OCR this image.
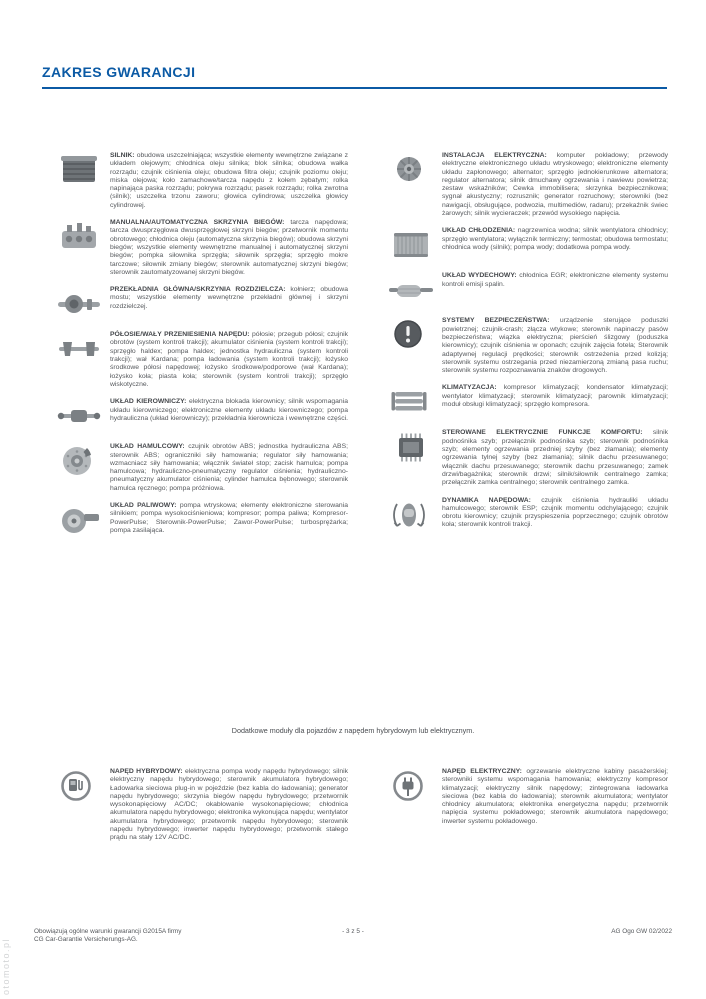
ZAKRES GWARANCJI

SILNIK: obudowa uszczelniająca; wszystkie elementy wewnętrzne związane z układem olejowym; chłodnica oleju silnika; blok silnika; obudowa wałka rozrządu; czujnik ciśnienia oleju; obudowa filtra oleju; czujnik poziomu oleju; miska olejowa; koło zamachowe/tarcza napędu z kołem zębatym; rolka napinająca paska rozrządu; pokrywa rozrządu; pasek rozrządu; rolka zwrotna (silnik); uszczelka trzonu zaworu; głowica cylindrowa; uszczelka głowicy cylindrowej.

MANUALNA/AUTOMATYCZNA SKRZYNIA BIEGÓW: tarcza napędowa; tarcza dwusprzęgłowa dwusprzęgłowej skrzyni biegów; przetwornik momentu obrotowego; chłodnica oleju (automatyczna skrzynia biegów); obudowa skrzyni biegów; wszystkie elementy wewnętrzne manualnej i automatycznej skrzyni biegów; pompka siłownika sprzęgła; siłownik sprzęgła; sprzęgło mokre tarczowe; siłownik zmiany biegów; sterownik automatycznej skrzyni biegów; sterownik zautomatyzowanej skrzyni biegów.

PRZEKŁADNIA GŁÓWNA/SKRZYNIA ROZDZIELCZA: kołnierz; obudowa mostu; wszystkie elementy wewnętrzne przekładni głównej i skrzyni rozdzielczej.

PÓŁOSIE/WAŁY PRZENIESIENIA NAPĘDU: półosie; przegub półosi; czujnik obrotów (system kontroli trakcji); akumulator ciśnienia (system kontroli trakcji); sprzęgło haldex; pompa haldex; jednostka hydrauliczna (system kontroli trakcji); wał Kardana; pompa ładowania (system kontroli trakcji); łożysko środkowe półosi napędowej; łożysko środkowe/podporowe (wał Kardana); łożysko koła; piasta koła; sterownik (system kontroli trakcji); sprzęgło wiskotyczne.

UKŁAD KIEROWNICZY: elektryczna blokada kierownicy; silnik wspomagania układu kierowniczego; elektroniczne elementy układu kierowniczego; pompa hydrauliczna (układ kierowniczy); przekładnia kierownicza i wewnętrzne części.

UKŁAD HAMULCOWY: czujnik obrotów ABS; jednostka hydrauliczna ABS; sterownik ABS; ograniczniki siły hamowania; regulator siły hamowania; wzmacniacz siły hamowania; włącznik świateł stop; zacisk hamulca; pompa hamulcowa; hydrauliczno-pneumatyczny regulator ciśnienia; hydrauliczno-pneumatyczny akumulator ciśnienia; cylinder hamulca bębnowego; sterownik hamulca ręcznego; pompa próżniowa.

UKŁAD PALIWOWY: pompa wtryskowa; elementy elektroniczne sterowania silnikiem; pompa wysokociśnieniowa; kompresor; pompa paliwa; Kompresor-PowerPulse; Sterownik-PowerPulse; Zawor-PowerPulse; turbosprężarka; pompa zasilająca.

INSTALACJA ELEKTRYCZNA: komputer pokładowy; przewody elektryczne elektronicznego układu wtryskowego; elektroniczne elementy układu zapłonowego; alternator; sprzęgło jednokierunkowe alternatora; regulator alternatora; silnik dmuchawy ogrzewania i nawiewu powietrza; zestaw wskaźników; Cewka immobilisera; skrzynka bezpiecznikowa; sygnał akustyczny; rozrusznik; generator rozruchowy; sterowniki (bez nawigacji, obsługujące, podwozia, multimediów, radaru); przekaźnik świec żarowych; silnik wycieraczek; przewód wysokiego napięcia.

UKŁAD CHŁODZENIA: nagrzewnica wodna; silnik wentylatora chłodnicy; sprzęgło wentylatora; wyłącznik termiczny; termostat; obudowa termostatu; chłodnica wody (silnik); pompa wody; dodatkowa pompa wody.

UKŁAD WYDECHOWY: chłodnica EGR; elektroniczne elementy systemu kontroli emisji spalin.

SYSTEMY BEZPIECZEŃSTWA: urządzenie sterujące poduszki powietrznej; czujnik-crash; złącza wtykowe; sterownik napinaczy pasów bezpieczeństwa; wiązka elektryczna; pierścień ślizgowy (poduszka kierownicy); czujnik ciśnienia w oponach; czujnik zajęcia fotela; Sterownik adaptywnej regulacji prędkości; sterownik ostrzeżenia przed kolizją; sterownik systemu ostrzegania przed niezamierzoną zmianą pasa ruchu; sterownik systemu rozpoznawania znaków drogowych.

KLIMATYZACJA: kompresor klimatyzacji; kondensator klimatyzacji; wentylator klimatyzacji; sterownik klimatyzacji; parownik klimatyzacji; moduł obsługi klimatyzacji; sprzęgło kompresora.

STEROWANE ELEKTRYCZNIE FUNKCJE KOMFORTU: silnik podnośnika szyb; przełącznik podnośnika szyb; sterownik podnośnika szyb; elementy ogrzewania przedniej szyby (bez złamania); elementy ogrzewania tylnej szyby (bez złamania); silnik dachu przesuwanego; włącznik dachu przesuwanego; sterownik dachu przesuwanego; zamek drzwi/bagażnika; sterownik drzwi; silnik/siłownik centralnego zamka; przełącznik zamka centralnego; sterownik centralnego zamka.

DYNAMIKA NAPĘDOWA: czujnik ciśnienia hydrauliki układu hamulcowego; sterownik ESP; czujnik momentu odchylającego; czujnik obrotu kierownicy; czujnik przyspieszenia poprzecznego; czujnik obrotów koła; sterownik kontroli trakcji.

Dodatkowe moduły dla pojazdów z napędem hybrydowym lub elektrycznym.

NAPĘD HYBRYDOWY: elektryczna pompa wody napędu hybrydowego; silnik elektryczny napędu hybrydowego; sterownik akumulatora hybrydowego; Ładowarka sieciowa plug-in w pojeździe (bez kabla do ładowania); generator napędu hybrydowego; skrzynia biegów napędu hybrydowego; przetwornik wysokonapięciowy AC/DC; okablowanie wysokonapięciowe; chłodnica akumulatora napędu hybrydowego; elektronika wykonująca napędu; wentylator akumulatora hybrydowego; przetwornik napędu hybrydowego; sterownik napędu hybrydowego; inwerter napędu hybrydowego; przetwornik stałego prądu na stały 12V AC/DC.

NAPĘD ELEKTRYCZNY: ogrzewanie elektryczne kabiny pasażerskiej; sterowniki systemu wspomagania hamowania; elektryczny kompresor klimatyzacji; elektryczny silnik napędowy; zintegrowana ładowarka sieciowa (bez kabla do ładowania); sterownik akumulatora; wentylator chłodnicy akumulatora; elektronika energetyczna napędu; przetwornik napięcia systemu pokładowego; sterownik akumulatora napędowego; inwerter systemu pokładowego.

Obowiązują ogólne warunki gwarancji G2015A firmy CG Car-Garantie Versicherungs-AG.
- 3 z 5 -	AG Ogo GW 02/2022
otomoto.pl
